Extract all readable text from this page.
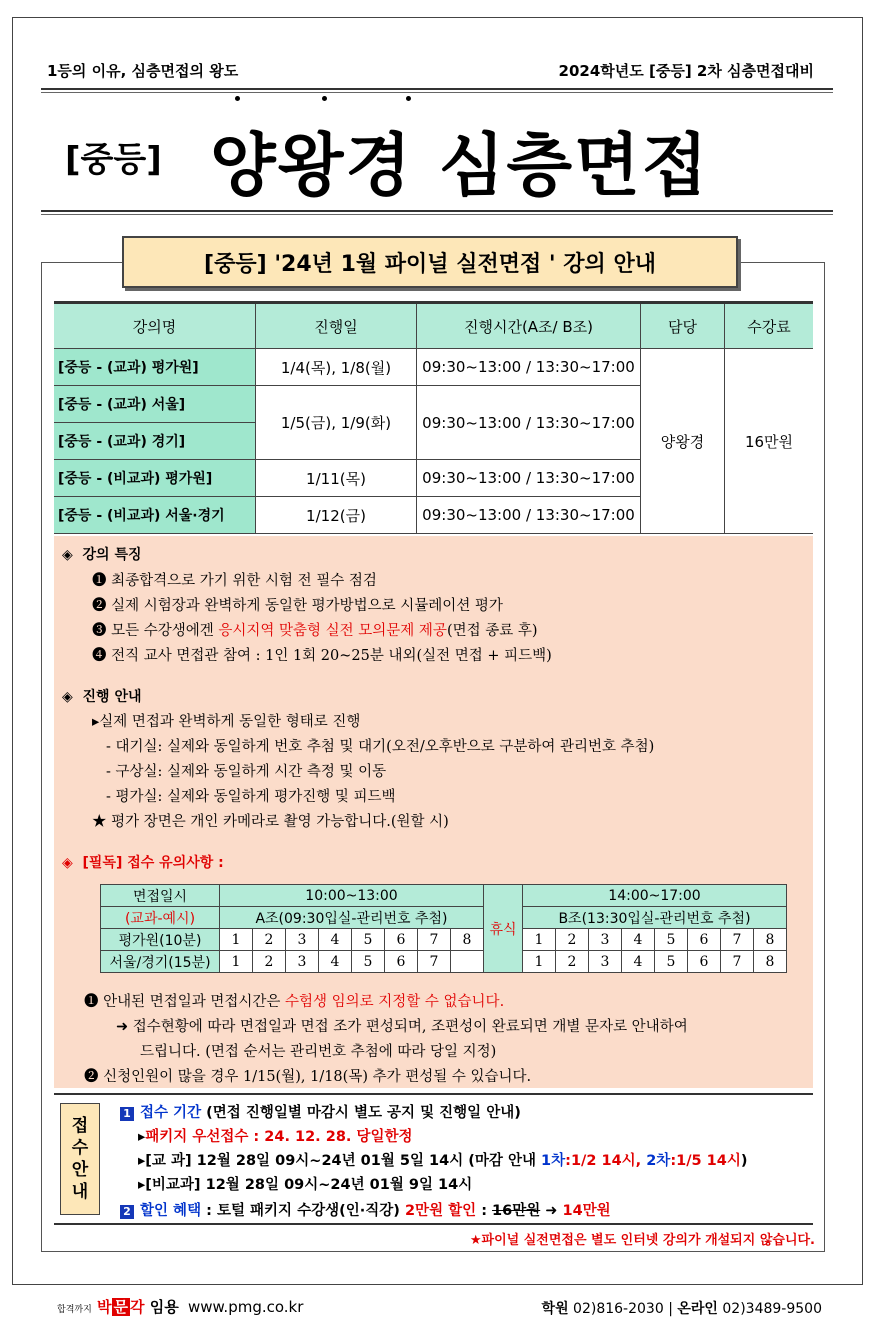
1등의 이유, 심층면접의 왕도	2024학년도 [중등] 2차 심층면접대비
[중등] 양왕경 심층면접
[중등] '24년 1월 파이널 실전면접 ' 강의 안내
강의명	진행일	진행시간(A조/ B조)	담당	수강료
[중등 - (교과) 평가원]	1/4(목), 1/8(월)	09:30~13:00 / 13:30~17:00	양왕경	16만원
[중등 - (교과) 서울]	1/5(금), 1/9(화)	09:30~13:00 / 13:30~17:00		
[중등 - (교과) 경기]				
[중등 - (비교과) 평가원]	1/11(목)	09:30~13:00 / 13:30~17:00		
[중등 - (비교과) 서울·경기	1/12(금)	09:30~13:00 / 13:30~17:00		
◈ 강의 특징
❶ 최종합격으로 가기 위한 시험 전 필수 점검
❷ 실제 시험장과 완벽하게 동일한 평가방법으로 시뮬레이션 평가
❸ 모든 수강생에겐 응시지역 맞춤형 실전 모의문제 제공(면접 종료 후)
❹ 전직 교사 면접관 참여 : 1인 1회 20~25분 내외(실전 면접 + 피드백)
◈ 진행 안내
▸실제 면접과 완벽하게 동일한 형태로 진행
- 대기실: 실제와 동일하게 번호 추첨 및 대기(오전/오후반으로 구분하여 관리번호 추첨)
- 구상실: 실제와 동일하게 시간 측정 및 이동
- 평가실: 실제와 동일하게 평가진행 및 피드백
★ 평가 장면은 개인 카메라로 촬영 가능합니다.(원할 시)
◈ [필독] 접수 유의사항 :
❶ 안내된 면접일과 면접시간은 수험생 임의로 지정할 수 없습니다.
➜ 접수현황에 따라 면접일과 면접 조가 편성되며, 조편성이 완료되면 개별 문자로 안내하여
드립니다. (면접 순서는 관리번호 추첨에 따라 당일 지정)
❷ 신청인원이 많을 경우 1/15(월), 1/18(목) 추가 편성될 수 있습니다.
면접일시	10:00~13:00								휴식	14:00~17:00							
(교과-예시)	A조(09:30입실-관리번호 추첨)									B조(13:30입실-관리번호 추첨)							
평가원(10분)	1	2	3	4	5	6	7	8		1	2	3	4	5	6	7	8
서울/경기(15분)	1	2	3	4	5	6	7			1	2	3	4	5	6	7	8
접
수
안
내
1 접수 기간 (면접 진행일별 마감시 별도 공지 및 진행일 안내)
▸패키지 우선접수 : 24. 12. 28. 당일한정
▸[교 과] 12월 28일 09시~24년 01월 5일 14시 (마감 안내 1차:1/2 14시, 2차:1/5 14시)
▸[비교과] 12월 28일 09시~24년 01월 9일 14시
2 할인 혜택 : 토털 패키지 수강생(인·직강) 2만원 할인 : 16만원 ➜ 14만원
★파이널 실전면접은 별도 인터넷 강의가 개설되지 않습니다.
합격까지 박 문 각 임용 www.pmg.co.kr	학원 02)816-2030 | 온라인 02)3489-9500
